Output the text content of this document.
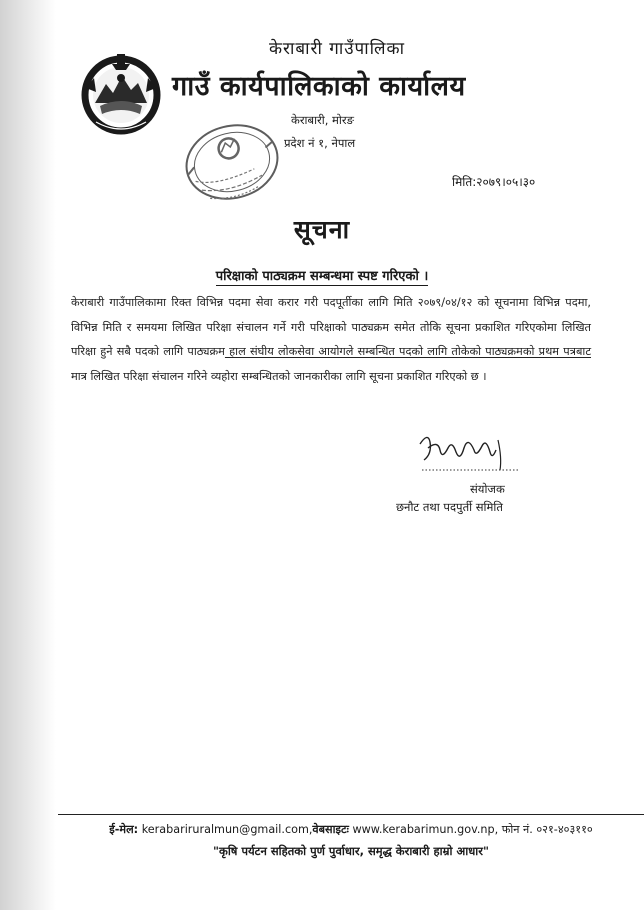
केराबारी गाउँपालिका
गाउँ कार्यपालिकाको कार्यालय
केराबारी, मोरङ
प्रदेश नं १, नेपाल
मिति:२०७९।०५।३०
सूचना
परिक्षाको पाठ्यक्रम सम्बन्धमा स्पष्ट गरिएको ।
केराबारी गाउँपालिकामा रिक्त विभिन्न पदमा सेवा करार गरी पदपूर्तीका लागि मिति २०७९/०४/१२ को सूचनामा विभिन्न पदमा, विभिन्न मिति र समयमा लिखित परिक्षा संचालन गर्ने गरी परिक्षाको पाठ्यक्रम समेत तोकि सूचना प्रकाशित गरिएकोमा लिखित परिक्षा हुने सबै पदको लागि पाठ्यक्रम हाल संघीय लोकसेवा आयोगले सम्बन्धित पदको लागि तोकेको पाठ्यक्रमको प्रथम पत्रबाट मात्र लिखित परिक्षा संचालन गरिने व्यहोरा सम्बन्धितको जानकारीका लागि सूचना प्रकाशित गरिएको छ ।
संयोजक
छनौट तथा पदपुर्ती समिति
ई-मेल: kerabariruralmun@gmail.com,वेबसाइटः www.kerabarimun.gov.np, फोन नं. ०२१-४०३११०
"कृषि पर्यटन सहितको पुर्ण पुर्वाधार, समृद्ध केराबारी हाम्रो आधार"
